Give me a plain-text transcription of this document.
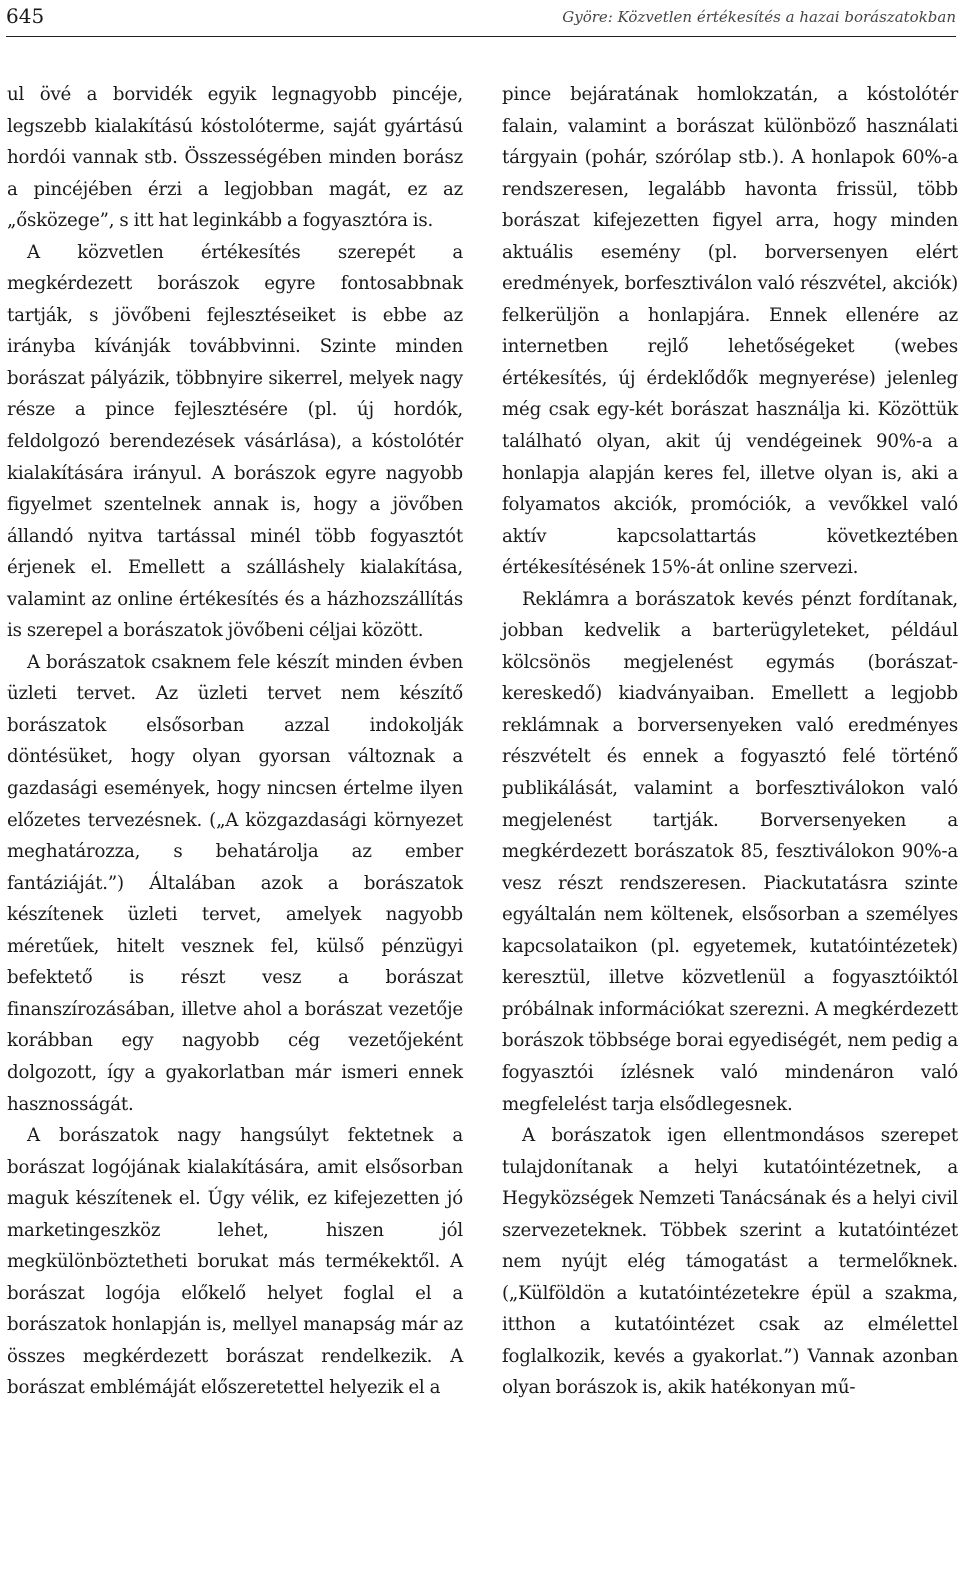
645	Györe: Közvetlen értékesítés a hazai borászatokban

ul övé a borvidék egyik legnagyobb pincéje, legszebb kialakítású kóstolóterme, saját gyártású hordói vannak stb. Összességében minden borász a pincéjében érzi a legjobban magát, ez az „ősközege”, s itt hat leginkább a fogyasztóra is.

A közvetlen értékesítés szerepét a megkérdezett borászok egyre fontosabbnak tartják, s jövőbeni fejlesztéseiket is ebbe az irányba kívánják továbbvinni. Szinte minden borászat pályázik, többnyire sikerrel, melyek nagy része a pince fejlesztésére (pl. új hordók, feldolgozó berendezések vásárlása), a kóstolótér kialakítására irányul. A borászok egyre nagyobb figyelmet szentelnek annak is, hogy a jövőben állandó nyitva tartással minél több fogyasztót érjenek el. Emellett a szálláshely kialakítása, valamint az online értékesítés és a házhozszállítás is szerepel a borászatok jövőbeni céljai között.

A borászatok csaknem fele készít minden évben üzleti tervet. Az üzleti tervet nem készítő borászatok elsősorban azzal indokolják döntésüket, hogy olyan gyorsan változnak a gazdasági események, hogy nincsen értelme ilyen előzetes tervezésnek. („A közgazdasági környezet meghatározza, s behatárolja az ember fantáziáját.”) Általában azok a borászatok készítenek üzleti tervet, amelyek nagyobb méretűek, hitelt vesznek fel, külső pénzügyi befektető is részt vesz a borászat finanszírozásában, illetve ahol a borászat vezetője korábban egy nagyobb cég vezetőjeként dolgozott, így a gyakorlatban már ismeri ennek hasznosságát.

A borászatok nagy hangsúlyt fektetnek a borászat logójának kialakítására, amit elsősorban maguk készítenek el. Úgy vélik, ez kifejezetten jó marketingeszköz lehet, hiszen jól megkülönböztetheti borukat más termékektől. A borászat logója előkelő helyet foglal el a borászatok honlapján is, mellyel manapság már az összes megkérdezett borászat rendelkezik. A borászat emblémáját előszeretettel helyezik el a

pince bejáratának homlokzatán, a kóstolótér falain, valamint a borászat különböző használati tárgyain (pohár, szórólap stb.). A honlapok 60%-a rendszeresen, legalább havonta frissül, több borászat kifejezetten figyel arra, hogy minden aktuális esemény (pl. borversenyen elért eredmények, borfesztiválon való részvétel, akciók) felkerüljön a honlapjára. Ennek ellenére az internetben rejlő lehetőségeket (webes értékesítés, új érdeklődők megnyerése) jelenleg még csak egy-két borászat használja ki. Közöttük található olyan, akit új vendégeinek 90%-a a honlapja alapján keres fel, illetve olyan is, aki a folyamatos akciók, promóciók, a vevőkkel való aktív kapcsolattartás következtében értékesítésének 15%-át online szervezi.

Reklámra a borászatok kevés pénzt fordítanak, jobban kedvelik a barterügyleteket, például kölcsönös megjelenést egymás (borászat-kereskedő) kiadványaiban. Emellett a legjobb reklámnak a borversenyeken való eredményes részvételt és ennek a fogyasztó felé történő publikálását, valamint a borfesztiválokon való megjelenést tartják. Borversenyeken a megkérdezett borászatok 85, fesztiválokon 90%-a vesz részt rendszeresen. Piackutatásra szinte egyáltalán nem költenek, elsősorban a személyes kapcsolataikon (pl. egyetemek, kutatóintézetek) keresztül, illetve közvetlenül a fogyasztóiktól próbálnak információkat szerezni. A megkérdezett borászok többsége borai egyediségét, nem pedig a fogyasztói ízlésnek való mindenáron való megfelelést tarja elsődlegesnek.

A borászatok igen ellentmondásos szerepet tulajdonítanak a helyi kutatóintézetnek, a Hegyközségek Nemzeti Tanácsának és a helyi civil szervezeteknek. Többek szerint a kutatóintézet nem nyújt elég támogatást a termelőknek. („Külföldön a kutatóintézetekre épül a szakma, itthon a kutatóintézet csak az elmélettel foglalkozik, kevés a gyakorlat.”) Vannak azonban olyan borászok is, akik hatékonyan mű-
